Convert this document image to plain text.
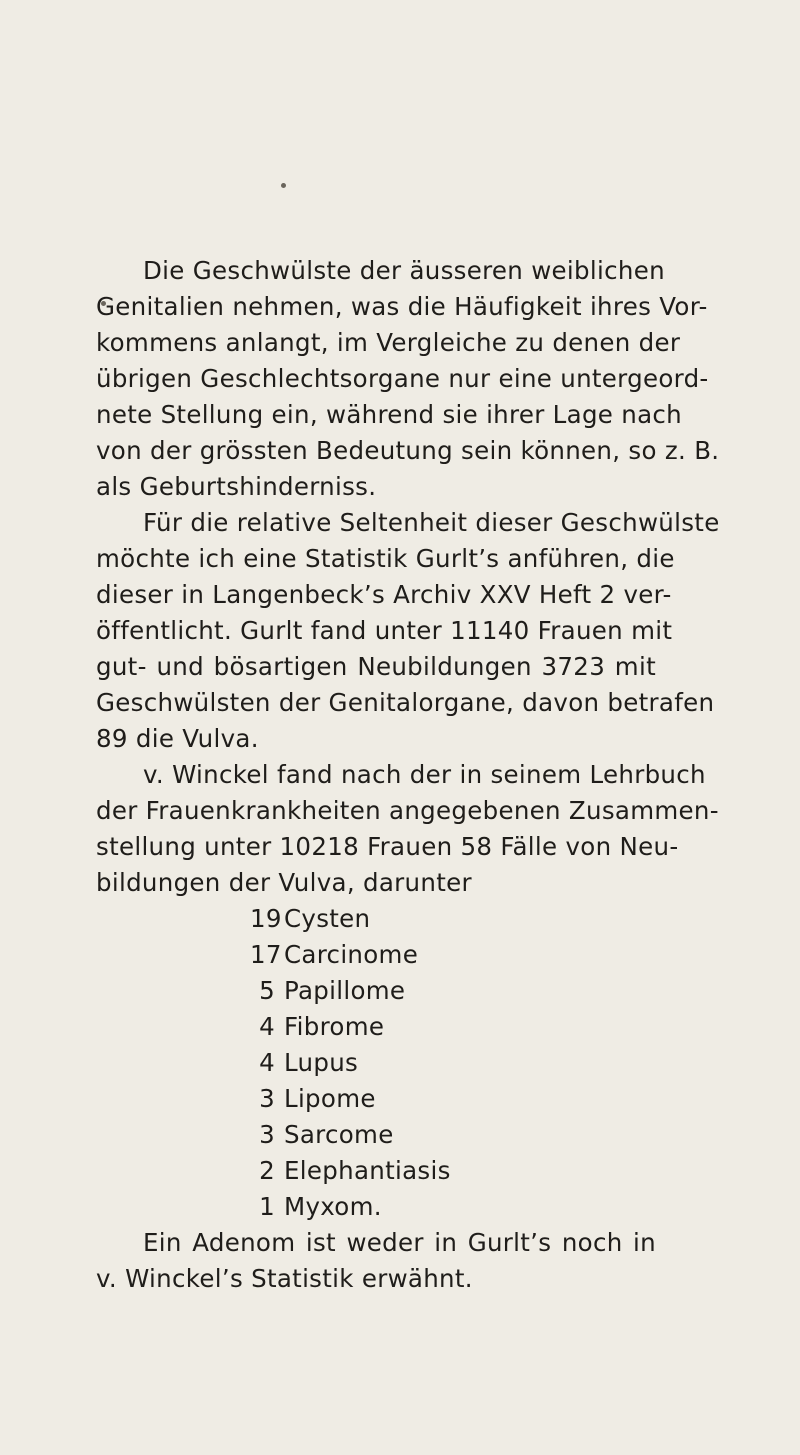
Die Geschwülste der äusseren weiblichen
Genitalien nehmen, was die Häufigkeit ihres Vor-
kommens anlangt, im Vergleiche zu denen der
übrigen Geschlechtsorgane nur eine untergeord-
nete Stellung ein, während sie ihrer Lage nach
von der grössten Bedeutung sein können, so z. B.
als Geburtshinderniss.
Für die relative Seltenheit dieser Geschwülste
möchte ich eine Statistik Gurlt’s anführen, die
dieser in Langenbeck’s Archiv XXV Heft 2 ver-
öffentlicht. Gurlt fand unter 11140 Frauen mit
gut- und bösartigen Neubildungen 3723 mit
Geschwülsten der Genitalorgane, davon betrafen
89 die Vulva.
v. Winckel fand nach der in seinem Lehrbuch
der Frauenkrankheiten angegebenen Zusammen-
stellung unter 10218 Frauen 58 Fälle von Neu-
bildungen der Vulva, darunter
19Cysten
17Carcinome
5 Papillome
4 Fibrome
4 Lupus
3 Lipome
3 Sarcome
2 Elephantiasis
1 Myxom.
Ein Adenom ist weder in Gurlt’s noch in
v. Winckel’s Statistik erwähnt.
